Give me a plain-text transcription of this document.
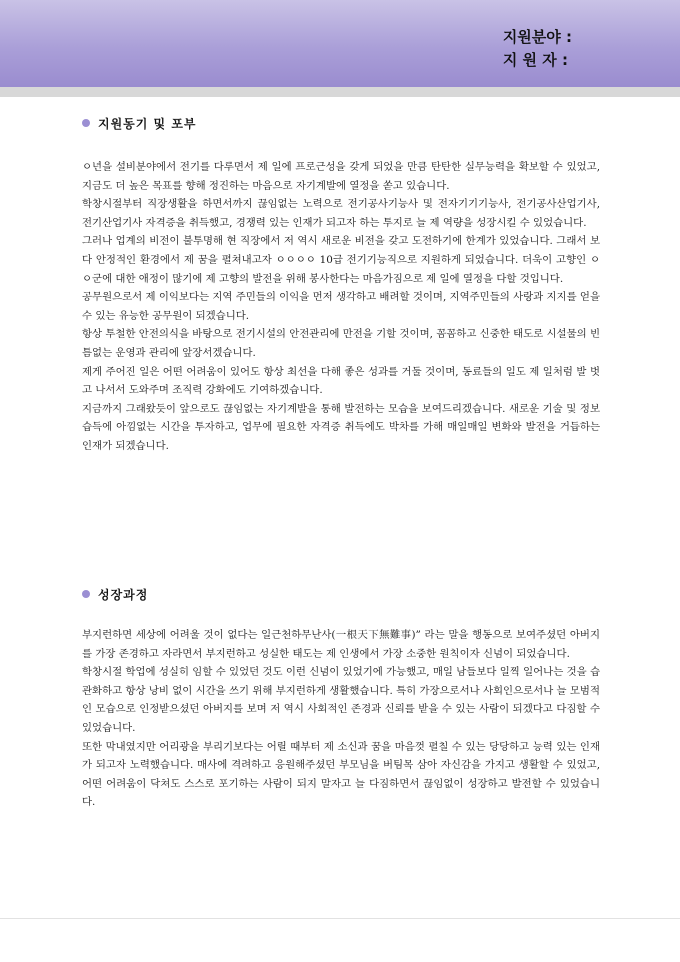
지원분야 :
지 원 자 :
지원동기 및 포부

ㅇ년을 설비분야에서 전기를 다루면서 제 일에 프로근성을 갖게 되었을 만큼 탄탄한 실무능력을 확보할 수 있었고, 지금도 더 높은 목표를 향해 정진하는 마음으로 자기계발에 열정을 쏟고 있습니다.

학창시절부터 직장생활을 하면서까지 끊임없는 노력으로 전기공사기능사 및 전자기기기능사, 전기공사산업기사, 전기산업기사 자격증을 취득했고, 경쟁력 있는 인재가 되고자 하는 투지로 늘 제 역량을 성장시킬 수 있었습니다.

그러나 업계의 비전이 불투명해 현 직장에서 저 역시 새로운 비전을 갖고 도전하기에 한계가 있었습니다. 그래서 보다 안정적인 환경에서 제 꿈을 펼쳐내고자 ㅇㅇㅇㅇ 10급 전기기능직으로 지원하게 되었습니다. 더욱이 고향인 ㅇㅇ군에 대한 애정이 많기에 제 고향의 발전을 위해 봉사한다는 마음가짐으로 제 일에 열정을 다할 것입니다.

공무원으로서 제 이익보다는 지역 주민들의 이익을 먼저 생각하고 배려할 것이며, 지역주민들의 사랑과 지지를 얻을 수 있는 유능한 공무원이 되겠습니다.

항상 투철한 안전의식을 바탕으로 전기시설의 안전관리에 만전을 기할 것이며, 꼼꼼하고 신중한 태도로 시설물의 빈틈없는 운영과 관리에 앞장서겠습니다.

제게 주어진 일은 어떤 어려움이 있어도 항상 최선을 다해 좋은 성과를 거둘 것이며, 동료들의 일도 제 일처럼 발 벗고 나서서 도와주며 조직력 강화에도 기여하겠습니다.

지금까지 그래왔듯이 앞으로도 끊임없는 자기계발을 통해 발전하는 모습을 보여드리겠습니다. 새로운 기술 및 정보 습득에 아낌없는 시간을 투자하고, 업무에 필요한 자격증 취득에도 박차를 가해 매일매일 변화와 발전을 거듭하는 인재가 되겠습니다.

성장과정

부지런하면 세상에 어려울 것이 없다는 일근천하무난사(一根天下無難事)” 라는 말을 행동으로 보여주셨던 아버지를 가장 존경하고 자라면서 부지런하고 성실한 태도는 제 인생에서 가장 소중한 원칙이자 신념이 되었습니다.

학창시절 학업에 성실히 임할 수 있었던 것도 이런 신념이 있었기에 가능했고, 매일 남들보다 일찍 일어나는 것을 습관화하고 항상 낭비 없이 시간을 쓰기 위해 부지런하게 생활했습니다. 특히 가장으로서나 사회인으로서나 늘 모범적인 모습으로 인정받으셨던 아버지를 보며 저 역시 사회적인 존경과 신뢰를 받을 수 있는 사람이 되겠다고 다짐할 수 있었습니다.

또한 막내였지만 어리광을 부리기보다는 어릴 때부터 제 소신과 꿈을 마음껏 펼칠 수 있는 당당하고 능력 있는 인재가 되고자 노력했습니다. 매사에 격려하고 응원해주셨던 부모님을 버팀목 삼아 자신감을 가지고 생활할 수 있었고, 어떤 어려움이 닥쳐도 스스로 포기하는 사람이 되지 말자고 늘 다짐하면서 끊임없이 성장하고 발전할 수 있었습니다.
